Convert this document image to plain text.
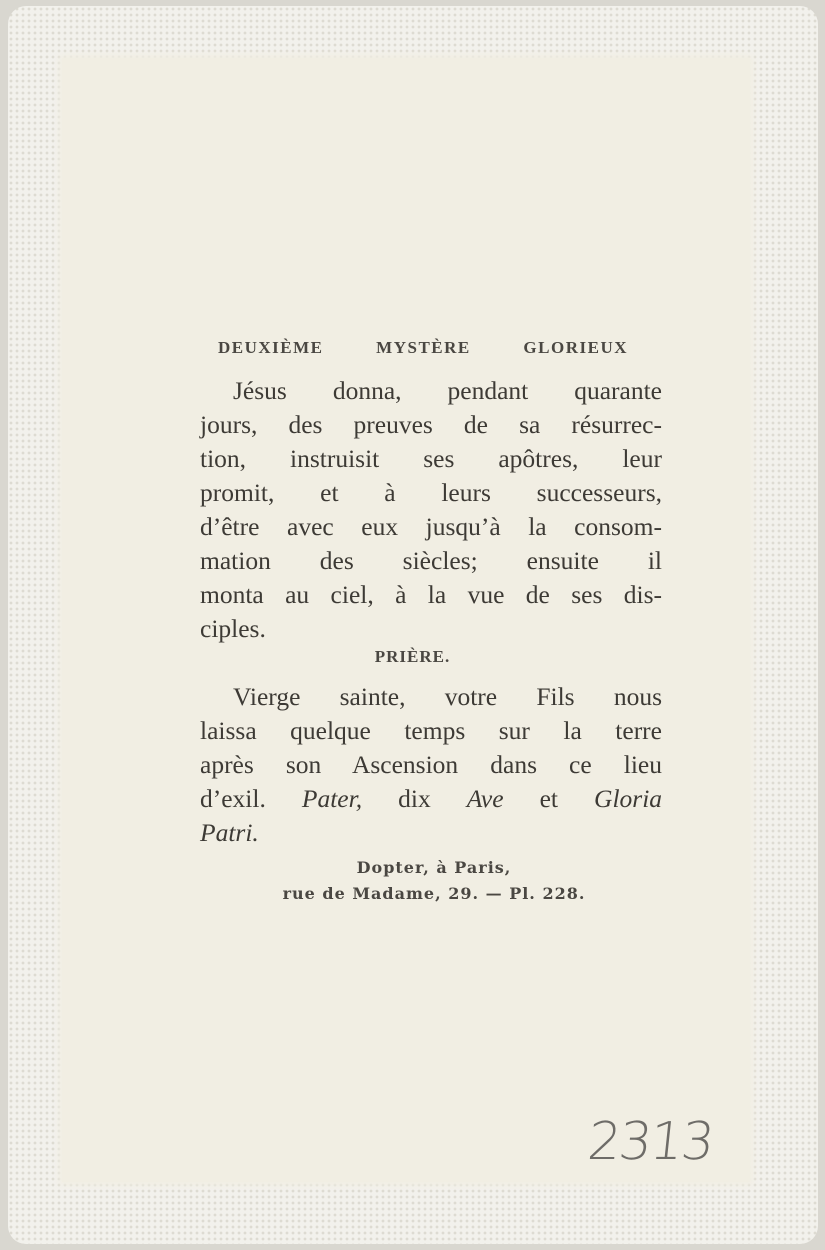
DEUXIÈME MYSTÈRE GLORIEUX
Jésus donna, pendant quarante
jours, des preuves de sa résurrec-
tion, instruisit ses apôtres, leur
promit, et à leurs successeurs,
d’être avec eux jusqu’à la consom-
mation des siècles; ensuite il
monta au ciel, à la vue de ses dis-
ciples.
PRIÈRE.
Vierge sainte, votre Fils nous
laissa quelque temps sur la terre
après son Ascension dans ce lieu
d’exil. Pater, dix Ave et Gloria
Patri.
Dopter, à Paris,
rue de Madame, 29. — Pl. 228.
2313
